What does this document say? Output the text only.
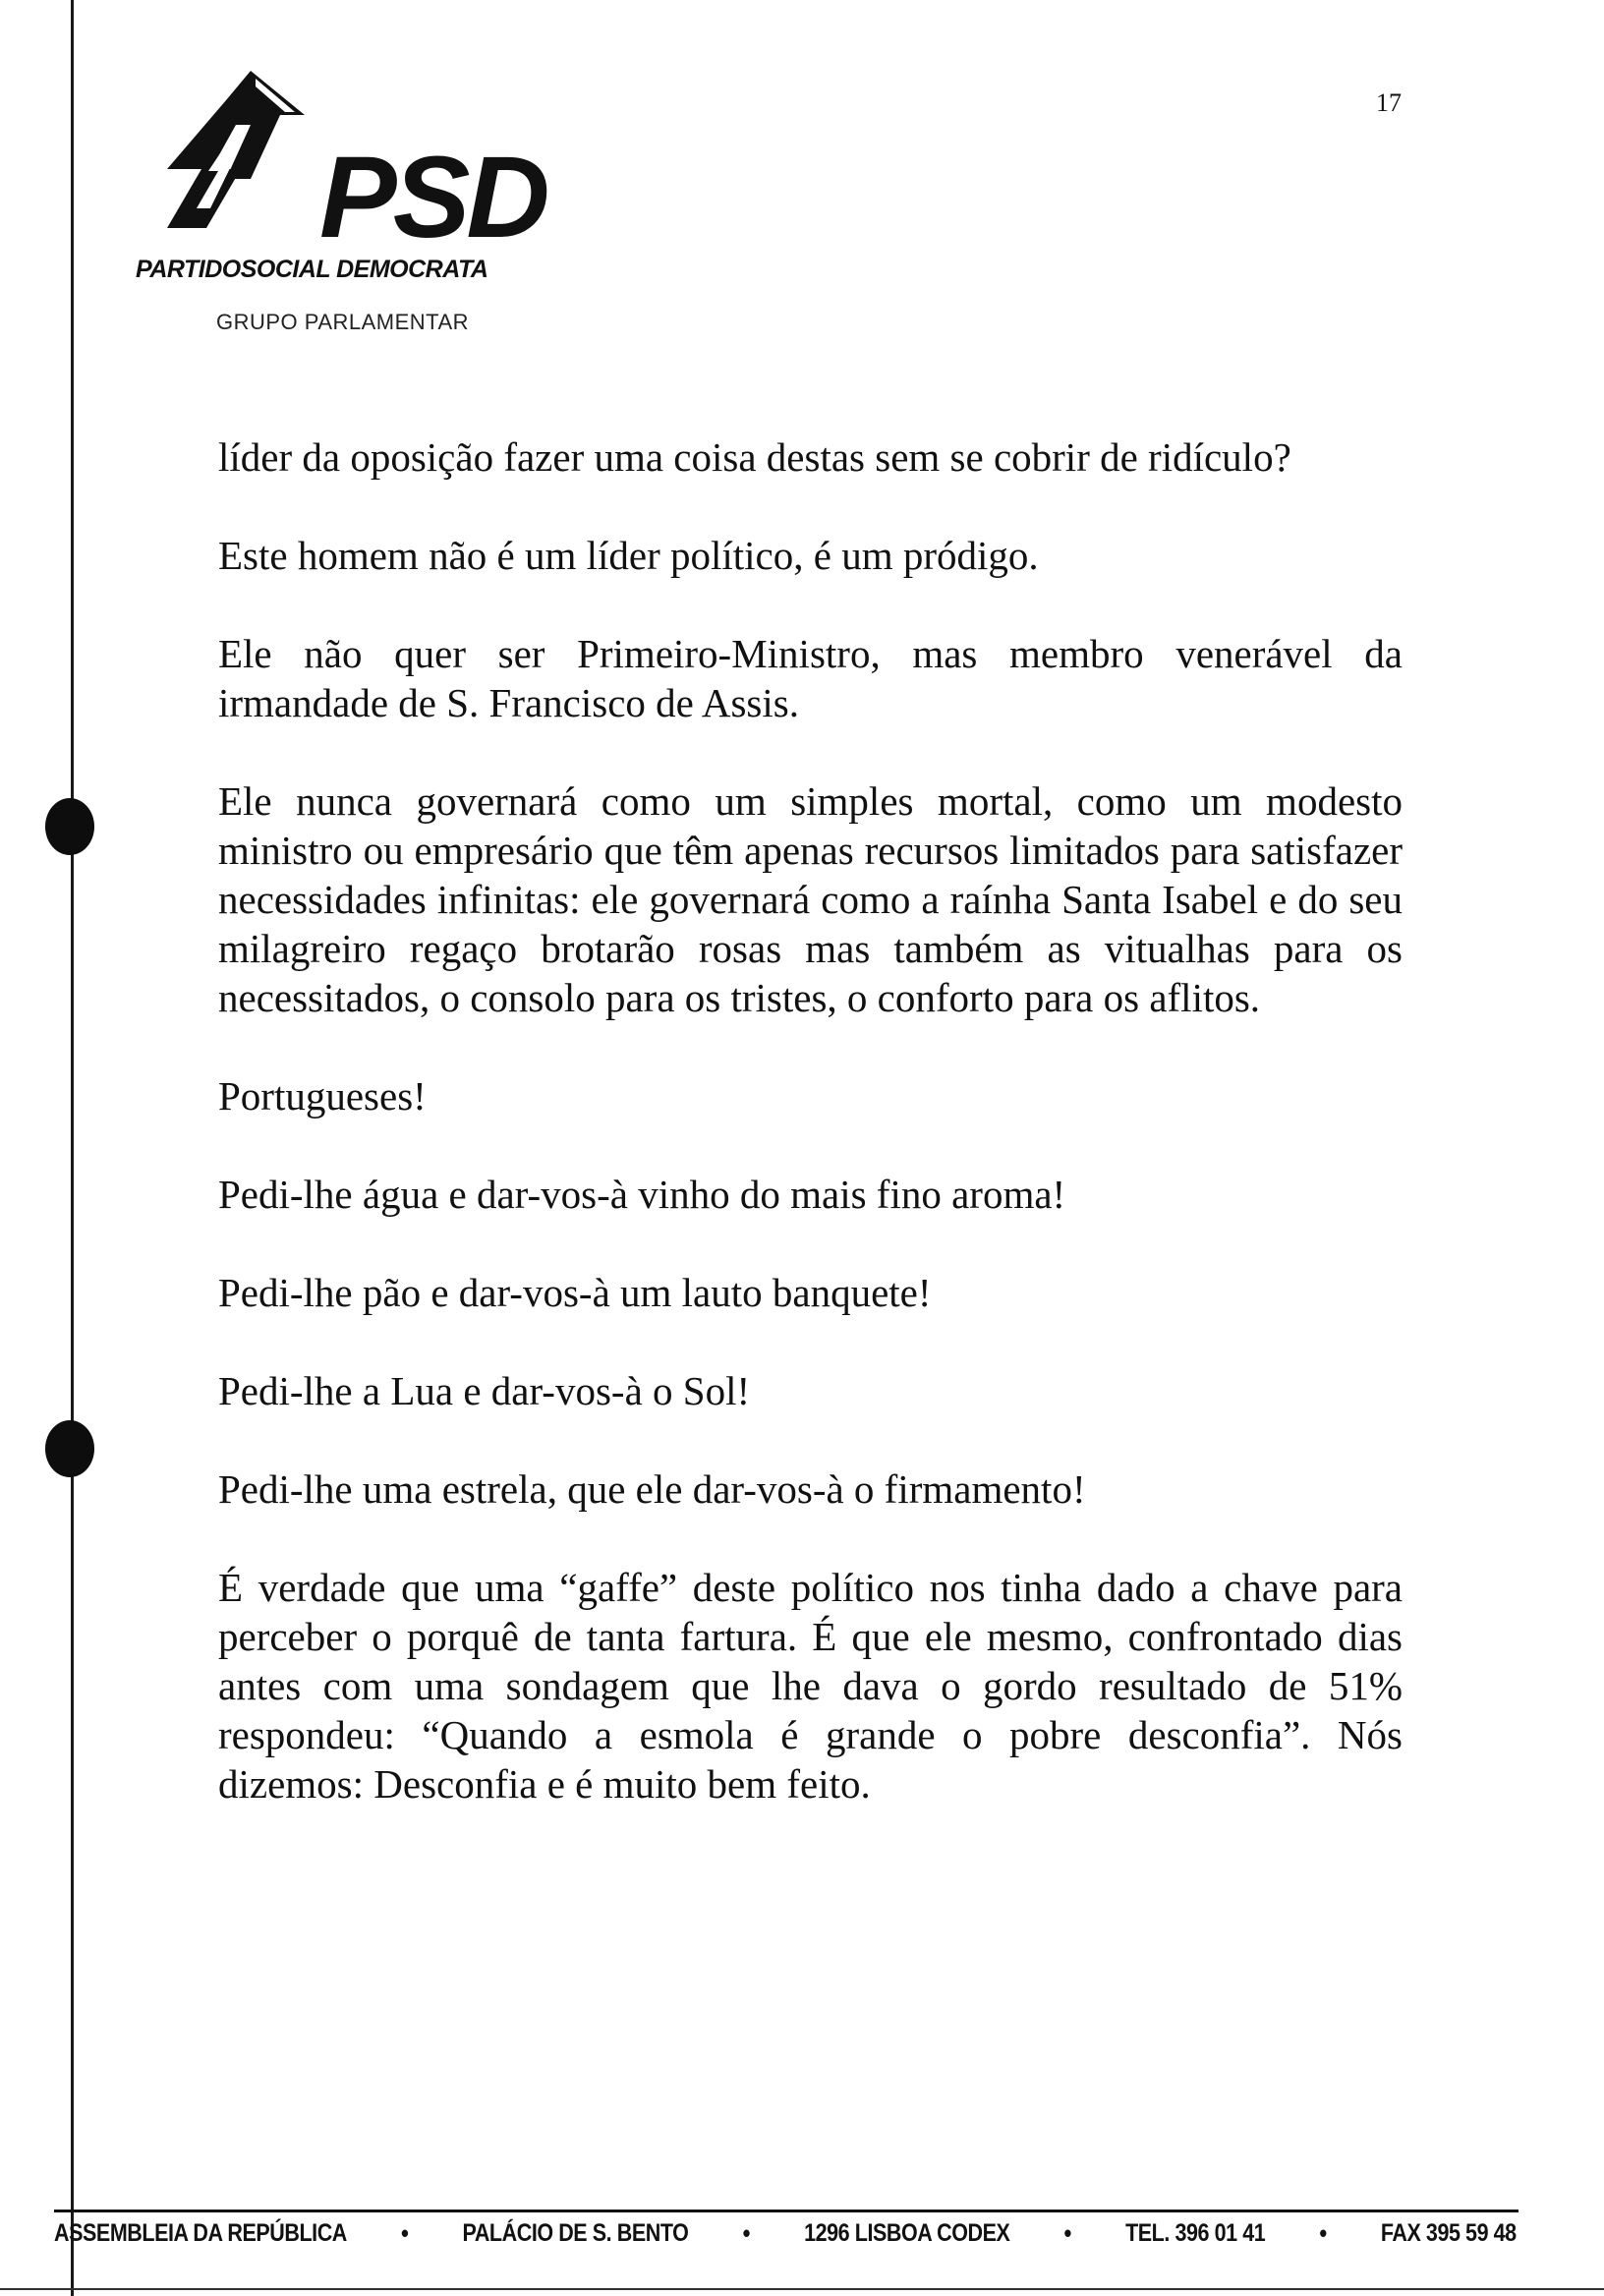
17
PSD
PARTIDOSOCIAL DEMOCRATA
GRUPO PARLAMENTAR

líder da oposição fazer uma coisa destas sem se cobrir de ridículo?

Este homem não é um líder político, é um pródigo.

Ele não quer ser Primeiro-Ministro, mas membro venerável da irmandade de S. Francisco de Assis.

Ele nunca governará como um simples mortal, como um modesto ministro ou empresário que têm apenas recursos limitados para satisfazer necessidades infinitas: ele governará como a raínha Santa Isabel e do seu milagreiro regaço brotarão rosas mas também as vitualhas para os necessitados, o consolo para os tristes, o conforto para os aflitos.

Portugueses!

Pedi-lhe água e dar-vos-à vinho do mais fino aroma!

Pedi-lhe pão e dar-vos-à um lauto banquete!

Pedi-lhe a Lua e dar-vos-à o Sol!

Pedi-lhe uma estrela, que ele dar-vos-à o firmamento!

É verdade que uma “gaffe” deste político nos tinha dado a chave para perceber o porquê de tanta fartura. É que ele mesmo, confrontado dias antes com uma sondagem que lhe dava o gordo resultado de 51% respondeu: “Quando a esmola é grande o pobre desconfia”. Nós dizemos: Desconfia e é muito bem feito.

ASSEMBLEIA DA REPÚBLICA • PALÁCIO DE S. BENTO • 1296 LISBOA CODEX • TEL. 396 01 41 • FAX 395 59 48
